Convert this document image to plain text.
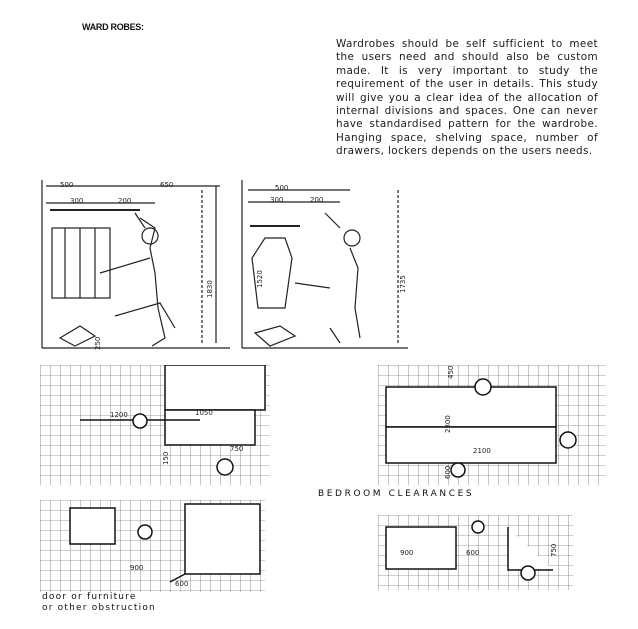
WARD ROBES:
Wardrobes should be self sufficient to meet the users need and should also be custom made. It is very important to study the requirement of the user in details. This study will give you a clear idea of the allocation of internal divisions and spaces. One can never have standardised pattern for the wardrobe. Hanging space, shelving space, number of drawers, lockers depends on the users needs.
500	650
300	200
1830
250
500
300	200
1520	1735
1200	1050
750
150
450
2300
2100
600
BEDROOM CLEARANCES
900
600
900	600	750
door or furniture
or other obstruction
